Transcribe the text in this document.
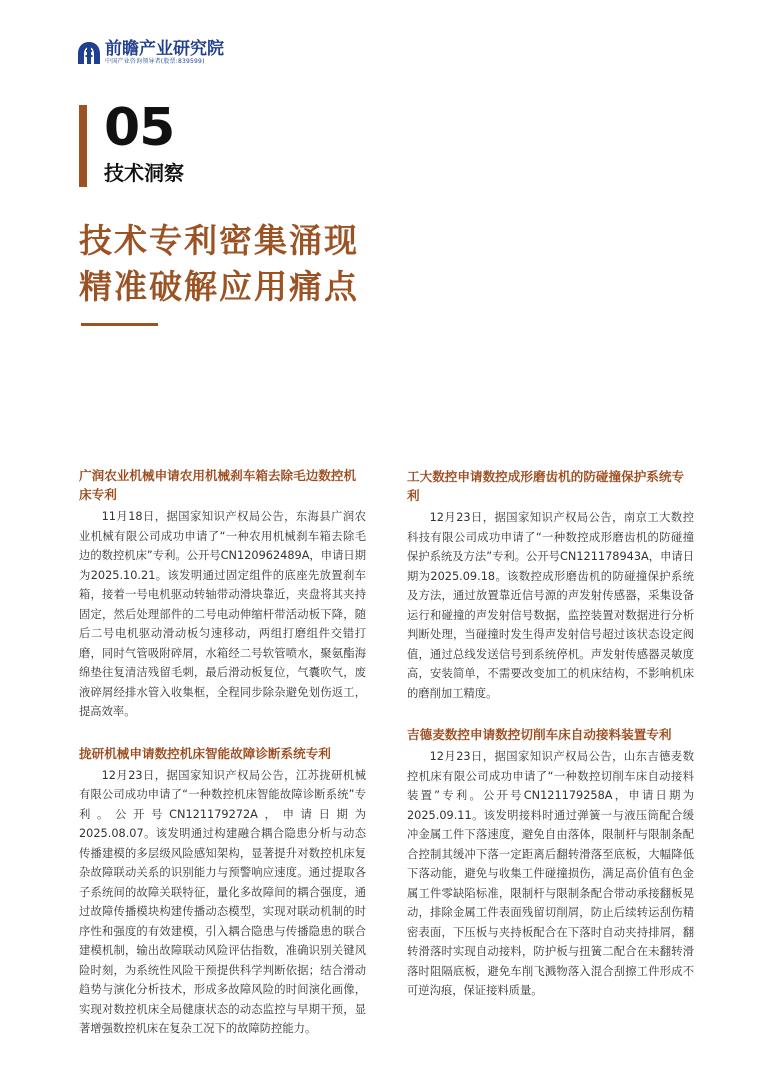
前瞻产业研究院
中国产业咨询领导者(股票:839599)
05
技术洞察
技术专利密集涌现
精准破解应用痛点
广润农业机械申请农用机械刹车箱去除毛边数控机床专利

11月18日，据国家知识产权局公告，东海县广润农业机械有限公司成功申请了“一种农用机械刹车箱去除毛边的数控机床”专利。公开号CN120962489A，申请日期为2025.10.21。该发明通过固定组件的底座先放置刹车箱，接着一号电机驱动转轴带动滑块靠近，夹盘将其夹持固定，然后处理部件的二号电动伸缩杆带活动板下降，随后二号电机驱动滑动板匀速移动，两组打磨组件交错打磨，同时气管吸附碎屑，水箱经二号软管喷水，聚氨酯海绵垫往复清洁残留毛刺，最后滑动板复位，气囊吹气，废液碎屑经排水管入收集框，全程同步除杂避免划伤返工，提高效率。

拢研机械申请数控机床智能故障诊断系统专利

12月23日，据国家知识产权局公告，江苏拢研机械有限公司成功申请了“一种数控机床智能故障诊断系统”专利。公开号CN121179272A，申请日期为2025.08.07。该发明通过构建融合耦合隐患分析与动态传播建模的多层级风险感知架构，显著提升对数控机床复杂故障联动关系的识别能力与预警响应速度。通过提取各子系统间的故障关联特征，量化多故障间的耦合强度，通过故障传播模块构建传播动态模型，实现对联动机制的时序性和强度的有效建模，引入耦合隐患与传播隐患的联合建模机制，输出故障联动风险评估指数，准确识别关键风险时刻，为系统性风险干预提供科学判断依据；结合滑动趋势与演化分析技术，形成多故障风险的时间演化画像，实现对数控机床全局健康状态的动态监控与早期干预，显著增强数控机床在复杂工况下的故障防控能力。

工大数控申请数控成形磨齿机的防碰撞保护系统专利

12月23日，据国家知识产权局公告，南京工大数控科技有限公司成功申请了“一种数控成形磨齿机的防碰撞保护系统及方法”专利。公开号CN121178943A，申请日期为2025.09.18。该数控成形磨齿机的防碰撞保护系统及方法，通过放置靠近信号源的声发射传感器，采集设备运行和碰撞的声发射信号数据，监控装置对数据进行分析判断处理，当碰撞时发生得声发射信号超过该状态设定阀值，通过总线发送信号到系统停机。声发射传感器灵敏度高，安装简单，不需要改变加工的机床结构，不影响机床的磨削加工精度。

吉德麦数控申请数控切削车床自动接料装置专利

12月23日，据国家知识产权局公告，山东吉德麦数控机床有限公司成功申请了“一种数控切削车床自动接料装置”专利。公开号CN121179258A，申请日期为2025.09.11。该发明接料时通过弹簧一与液压筒配合缓冲金属工件下落速度，避免自由落体，限制杆与限制条配合控制其缓冲下落一定距离后翻转滑落至底板，大幅降低下落动能，避免与收集工件碰撞损伤，满足高价值有色金属工件零缺陷标准，限制杆与限制条配合带动承接翻板晃动，排除金属工件表面残留切削屑，防止后续转运刮伤精密表面，下压板与夹持板配合在下落时自动夹持排屑，翻转滑落时实现自动接料，防护板与扭簧二配合在未翻转滑落时阻隔底板，避免车削飞溅物落入混合刮擦工件形成不可逆沟痕，保证接料质量。
